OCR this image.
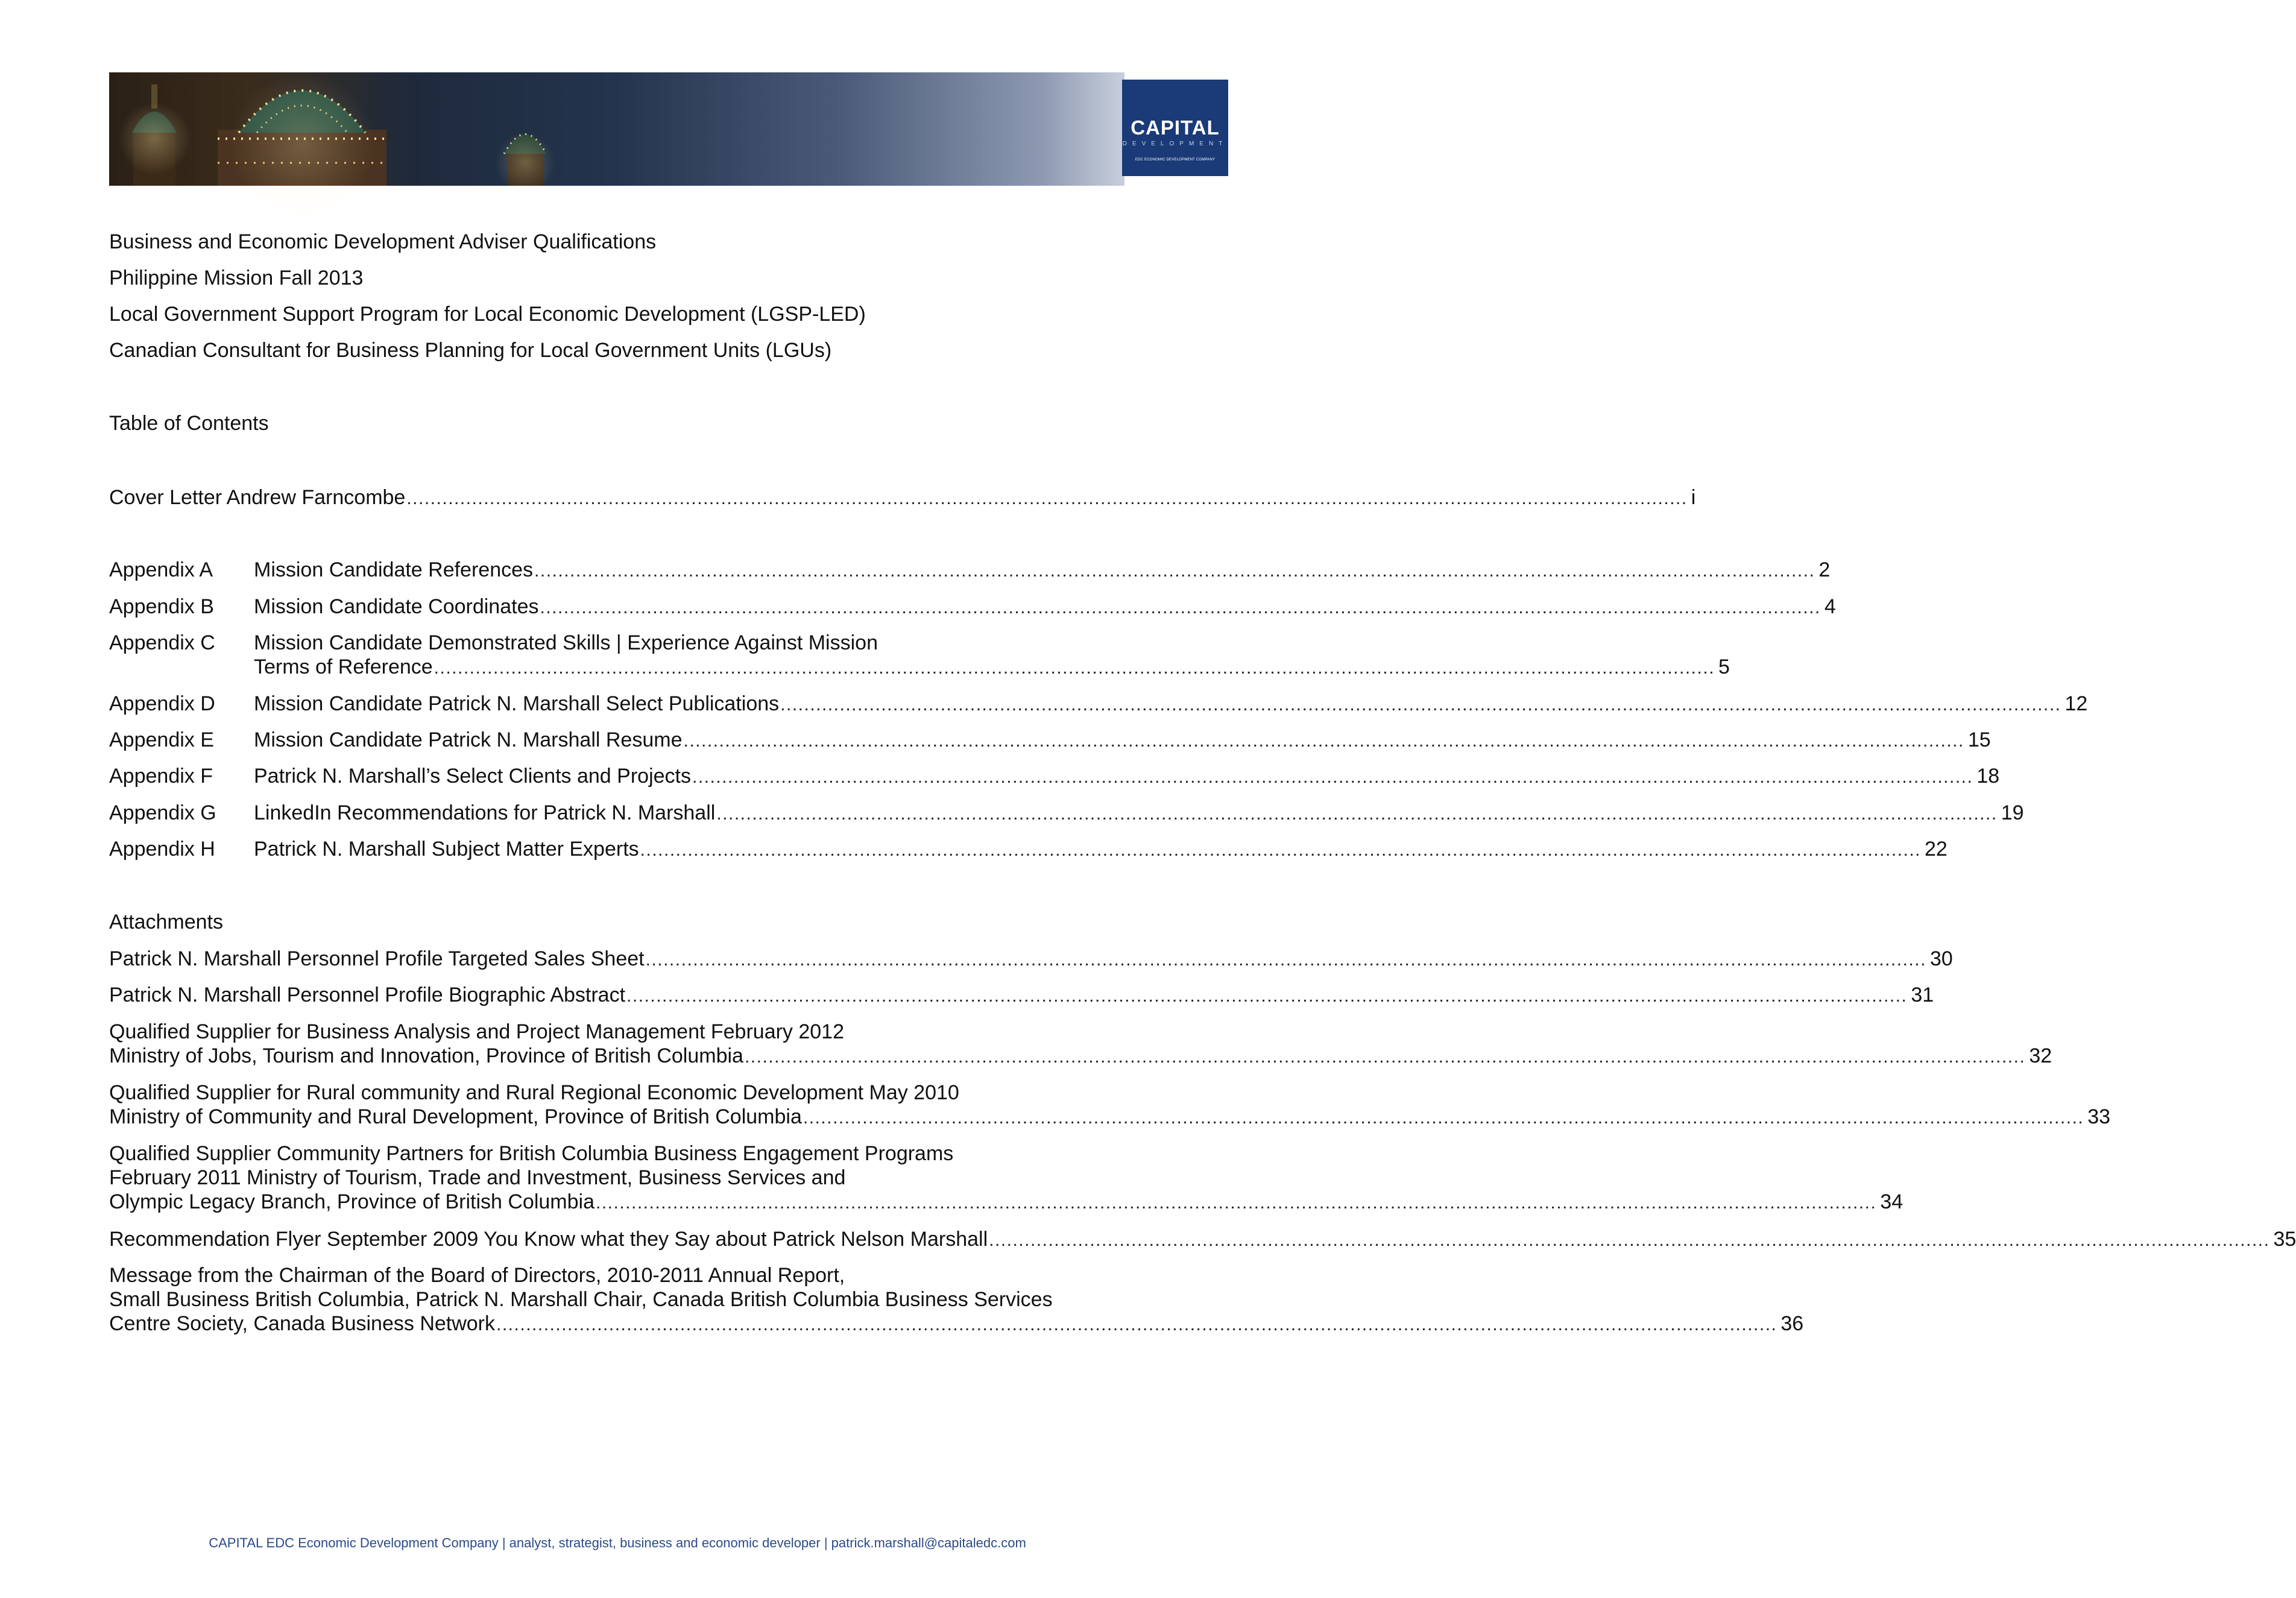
CAPITAL
DEVELOPMENT
EDC ECONOMIC DEVELOPMENT COMPANY
Business and Economic Development Adviser Qualifications
Philippine Mission Fall 2013
Local Government Support Program for Local Economic Development (LGSP-LED)
Canadian Consultant for Business Planning for Local Government Units (LGUs)
Table of Contents
Cover Letter Andrew Farncombe ........................................................................................................................................................................................................................ i
Appendix A Mission Candidate References ........................................................................................................................................................................................................................ 2
Appendix B Mission Candidate Coordinates ........................................................................................................................................................................................................................ 4
Appendix C Mission Candidate Demonstrated Skills | Experience Against Mission
Terms of Reference ........................................................................................................................................................................................................................ 5
Appendix D Mission Candidate Patrick N. Marshall Select Publications ........................................................................................................................................................................................................................ 12
Appendix E Mission Candidate Patrick N. Marshall Resume ........................................................................................................................................................................................................................ 15
Appendix F Patrick N. Marshall’s Select Clients and Projects ........................................................................................................................................................................................................................ 18
Appendix G LinkedIn Recommendations for Patrick N. Marshall ........................................................................................................................................................................................................................ 19
Appendix H Patrick N. Marshall Subject Matter Experts ........................................................................................................................................................................................................................ 22
Attachments
Patrick N. Marshall Personnel Profile Targeted Sales Sheet ........................................................................................................................................................................................................................ 30
Patrick N. Marshall Personnel Profile Biographic Abstract ........................................................................................................................................................................................................................ 31
Qualified Supplier for Business Analysis and Project Management February 2012
Ministry of Jobs, Tourism and Innovation, Province of British Columbia ........................................................................................................................................................................................................................ 32
Qualified Supplier for Rural community and Rural Regional Economic Development May 2010
Ministry of Community and Rural Development, Province of British Columbia ........................................................................................................................................................................................................................ 33
Qualified Supplier Community Partners for British Columbia Business Engagement Programs
February 2011 Ministry of Tourism, Trade and Investment, Business Services and
Olympic Legacy Branch, Province of British Columbia ........................................................................................................................................................................................................................ 34
Recommendation Flyer September 2009 You Know what they Say about Patrick Nelson Marshall ........................................................................................................................................................................................................................ 35
Message from the Chairman of the Board of Directors, 2010-2011 Annual Report,
Small Business British Columbia, Patrick N. Marshall Chair, Canada British Columbia Business Services
Centre Society, Canada Business Network ........................................................................................................................................................................................................................ 36
CAPITAL EDC Economic Development Company | analyst, strategist, business and economic developer | patrick.marshall@capitaledc.com
